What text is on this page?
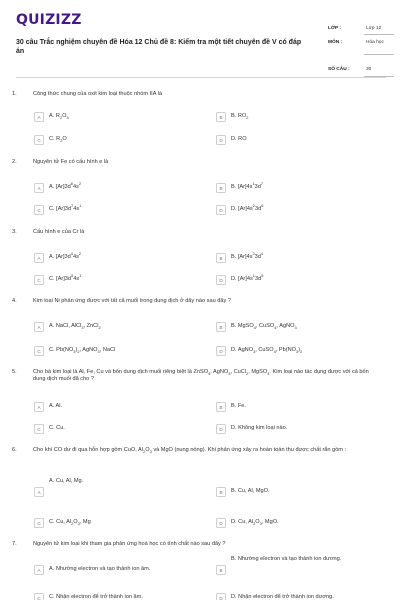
QUIZIZZ
30 câu Trắc nghiệm chuyên đề Hóa 12 Chủ đề 8: Kiểm tra một tiết chuyên đề V có đáp án
LỚP :	Lớp 12
MÔN :	Hóa học
SỐ CÂU :	30
1.	Công thức chung của oxit kim loại thuộc nhóm IIA là
A	A. $R_2O_3$	B	B. $RO_2$
C	C. $R_2O$	D	D. RO
2.	Nguyên tử Fe có cấu hình e là
A	A. $[Ar]3d^64s^2$
B	B. $[Ar]4s^13d^7$
C	C. $[Ar]3d^74s^1$
D	D. $[Ar]4s^23d^6$
3.	Cấu hình e của Cr là
A	A. $[Ar]3d^44s^2$
B	B. $[Ar]4s^23d^4$
C	C. $[Ar]3d^54s^1$
D	D. $[Ar]4s^13d^5$
4.	Kim loại Ni phản ứng được với tất cả muối trong dung dịch ở dãy nào sau đây ?
A	A. NaCl, AlCl$_3$, ZnCl$_2$	B	B. MgSO$_4$, CuSO$_4$, AgNO$_3$
C	C. $Pb(NO_3)_2$, AgNO$_3$, NaCl	D	D. AgNO$_3$, CuSO$_4$, $Pb(NO_3)_2$
5.	Cho bà kim loại là Al, Fe, Cu và bốn dung dịch muối riêng biệt là ZnSO$_4$, AgNO$_3$, CuCl$_2$, MgSO$_4$. Kim loại nào tác dụng được với cả bốn dung dịch muối đã cho ?
A	A. Al.	B	B. Fe.
C	C. Cu.	D	D. Không kim loại nào.
6.	Cho khí CO dư đi qua hỗn hợp gồm CuO, $Al_2O_3$ và MgO (nung nóng). Khi phản ứng xảy ra hoàn toàn thu được chất rắn gồm :
A
A. Cu, Al, Mg.
B	B. Cu, Al, MgO.
C	C. Cu, $Al_2O_3$, Mg	D	D. Cu, $Al_2O_3$, MgO.
7.	Nguyên tử kim loại khi tham gia phản ứng hoá học có tính chất nào sau đây ?
A	A. Nhường electron và tạo thành ion âm.	B
B. Nhường electron và tạo thành ion dương.
C	C. Nhận electron để trở thành ion âm.	D	D. Nhận electron để trở thành ion dương.
